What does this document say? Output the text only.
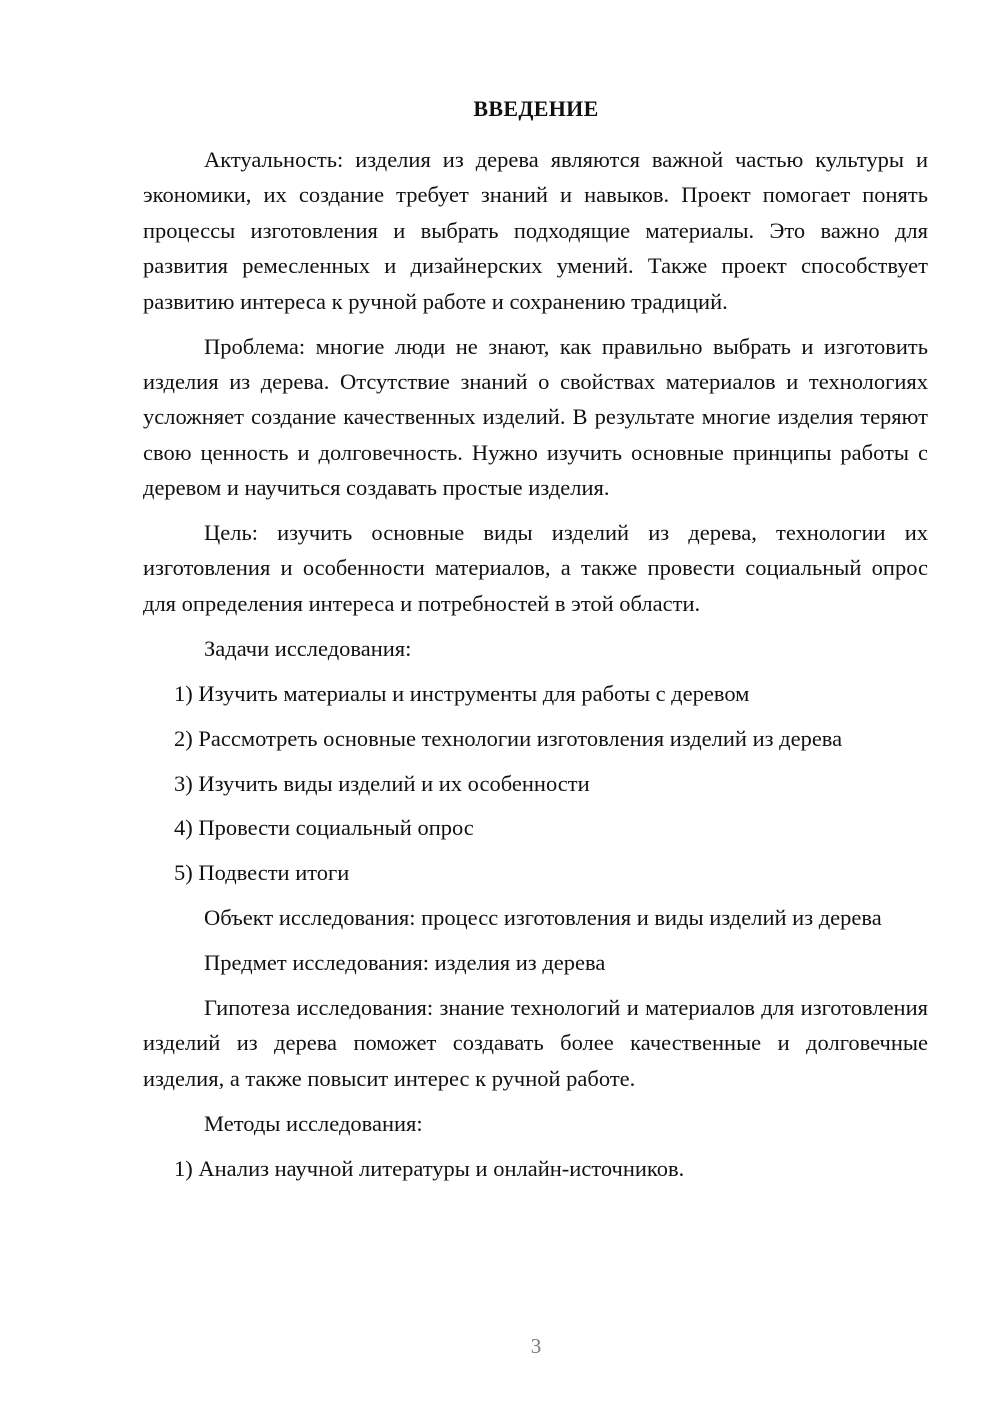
ВВЕДЕНИЕ

Актуальность: изделия из дерева являются важной частью культуры и экономики, их создание требует знаний и навыков. Проект помогает понять процессы изготовления и выбрать подходящие материалы. Это важно для развития ремесленных и дизайнерских умений. Также проект способствует развитию интереса к ручной работе и сохранению традиций.

Проблема: многие люди не знают, как правильно выбрать и изготовить изделия из дерева. Отсутствие знаний о свойствах материалов и технологиях усложняет создание качественных изделий. В результате многие изделия теряют свою ценность и долговечность. Нужно изучить основные принципы работы с деревом и научиться создавать простые изделия.

Цель: изучить основные виды изделий из дерева, технологии их изготовления и особенности материалов, а также провести социальный опрос для определения интереса и потребностей в этой области.

Задачи исследования:

1) Изучить материалы и инструменты для работы с деревом
2) Рассмотреть основные технологии изготовления изделий из дерева
3) Изучить виды изделий и их особенности
4) Провести социальный опрос
5) Подвести итоги

Объект исследования: процесс изготовления и виды изделий из дерева

Предмет исследования: изделия из дерева

Гипотеза исследования: знание технологий и материалов для изготовления изделий из дерева поможет создавать более качественные и долговечные изделия, а также повысит интерес к ручной работе.

Методы исследования:

1) Анализ научной литературы и онлайн-источников.
3
